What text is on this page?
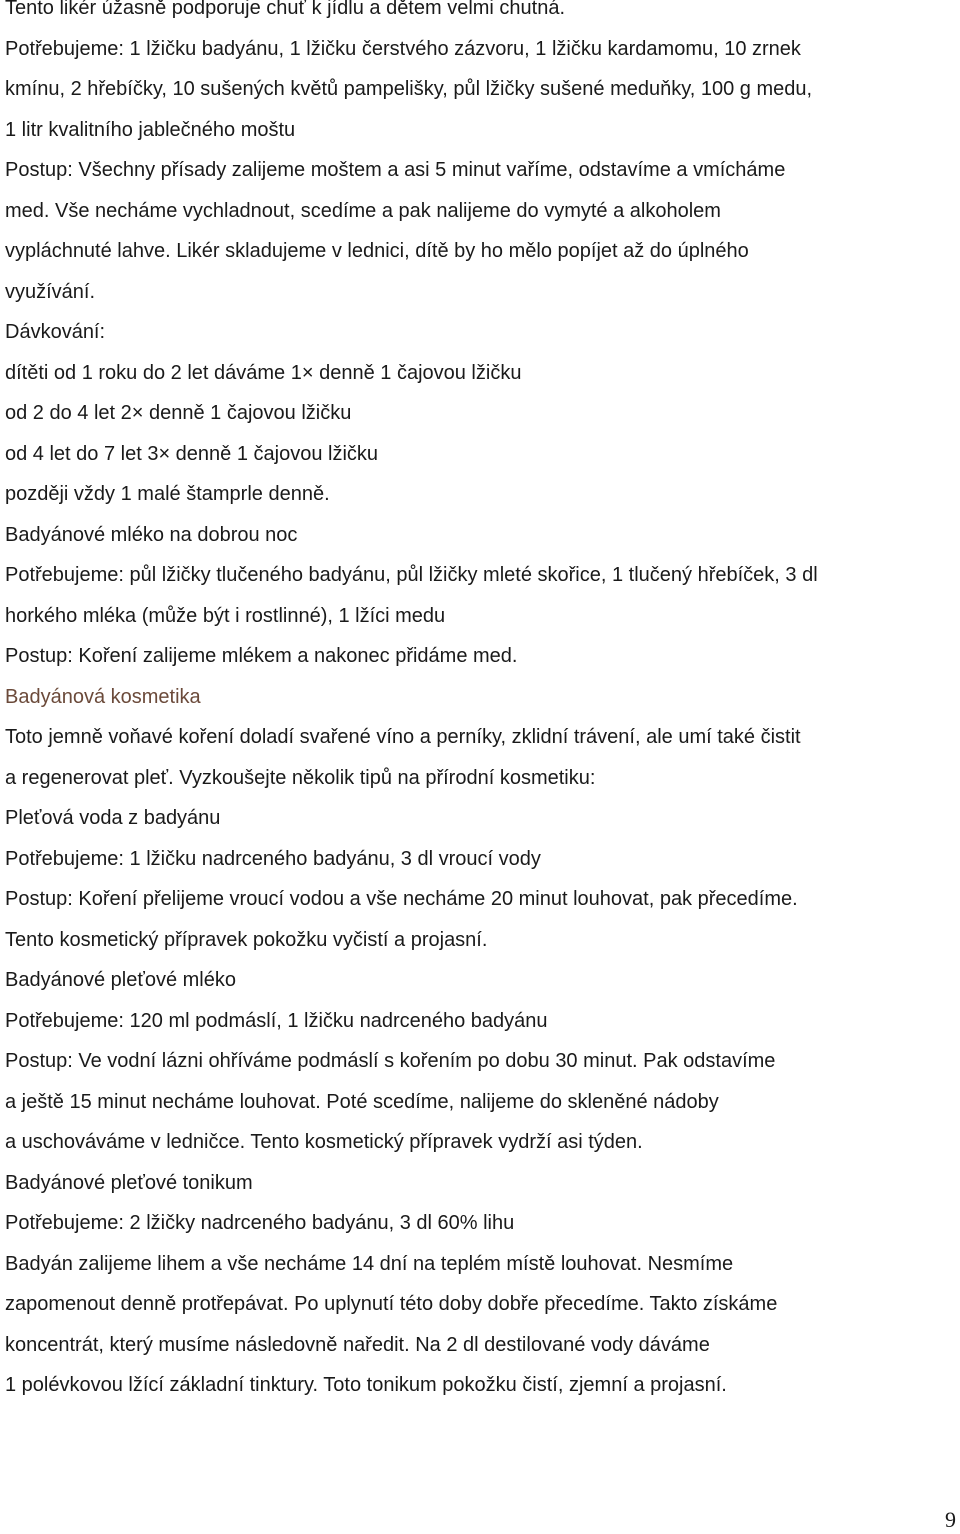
Tento likér úžasně podporuje chuť k jídlu a dětem velmi chutná.
Potřebujeme: 1 lžičku badyánu, 1 lžičku čerstvého zázvoru, 1 lžičku kardamomu, 10 zrnek
kmínu, 2 hřebíčky, 10 sušených květů pampelišky, půl lžičky sušené meduňky, 100 g medu,
1 litr kvalitního jablečného moštu
Postup: Všechny přísady zalijeme moštem a asi 5 minut vaříme, odstavíme a vmícháme
med. Vše necháme vychladnout, scedíme a pak nalijeme do vymyté a alkoholem
vypláchnuté lahve. Likér skladujeme v lednici, dítě by ho mělo popíjet až do úplného
využívání.
Dávkování:
dítěti od 1 roku do 2 let dáváme 1× denně 1 čajovou lžičku
od 2 do 4 let 2× denně 1 čajovou lžičku
od 4 let do 7 let 3× denně 1 čajovou lžičku
později vždy 1 malé štamprle denně.
Badyánové mléko na dobrou noc
Potřebujeme: půl lžičky tlučeného badyánu, půl lžičky mleté skořice, 1 tlučený hřebíček, 3 dl
horkého mléka (může být i rostlinné), 1 lžíci medu
Postup: Koření zalijeme mlékem a nakonec přidáme med.
Badyánová kosmetika
Toto jemně voňavé koření doladí svařené víno a perníky, zklidní trávení, ale umí také čistit
a regenerovat pleť. Vyzkoušejte několik tipů na přírodní kosmetiku:
Pleťová voda z badyánu
Potřebujeme: 1 lžičku nadrceného badyánu, 3 dl vroucí vody
Postup: Koření přelijeme vroucí vodou a vše necháme 20 minut louhovat, pak přecedíme.
Tento kosmetický přípravek pokožku vyčistí a projasní.
Badyánové pleťové mléko
Potřebujeme: 120 ml podmáslí, 1 lžičku nadrceného badyánu
Postup: Ve vodní lázni ohříváme podmáslí s kořením po dobu 30 minut. Pak odstavíme
a ještě 15 minut necháme louhovat. Poté scedíme, nalijeme do skleněné nádoby
a uschováváme v ledničce. Tento kosmetický přípravek vydrží asi týden.
Badyánové pleťové tonikum
Potřebujeme: 2 lžičky nadrceného badyánu, 3 dl 60% lihu
Badyán zalijeme lihem a vše necháme 14 dní na teplém místě louhovat. Nesmíme
zapomenout denně protřepávat. Po uplynutí této doby dobře přecedíme. Takto získáme
koncentrát, který musíme následovně naředit. Na 2 dl destilované vody dáváme
1 polévkovou lžící základní tinktury. Toto tonikum pokožku čistí, zjemní a projasní.
9
